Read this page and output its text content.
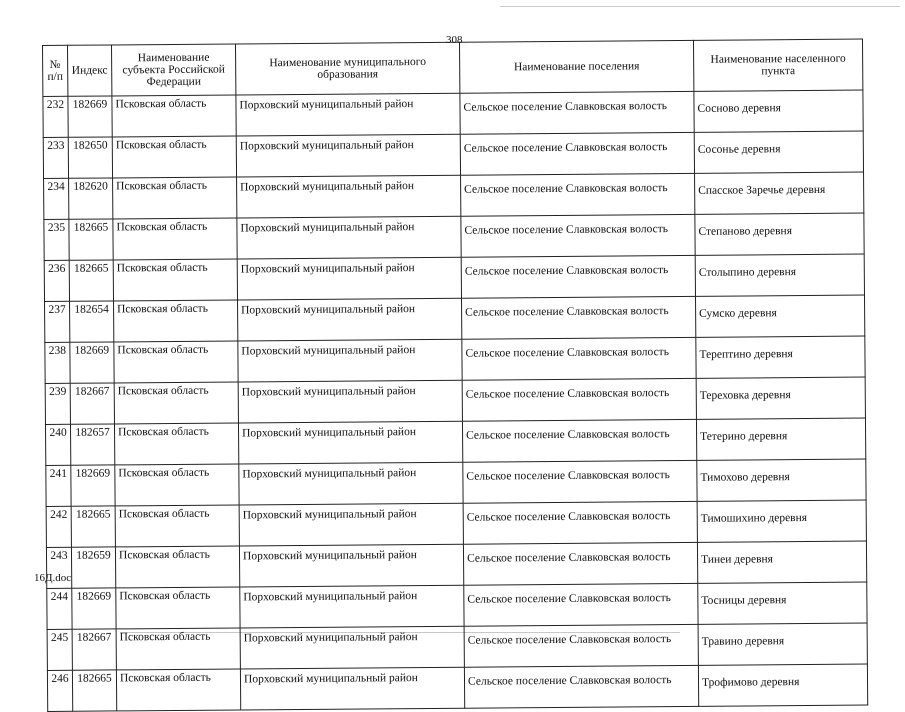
308
№ п/п	Индекс	Наименование субъекта Российской Федерации	Наименование муниципального образования	Наименование поселения	Наименование населенного пункта
232	182669	Псковская область	Порховский муниципальный район	Сельское поселение Славковская волость	Сосново деревня
233	182650	Псковская область	Порховский муниципальный район	Сельское поселение Славковская волость	Сосонье деревня
234	182620	Псковская область	Порховский муниципальный район	Сельское поселение Славковская волость	Спасское Заречье деревня
235	182665	Псковская область	Порховский муниципальный район	Сельское поселение Славковская волость	Степаново деревня
236	182665	Псковская область	Порховский муниципальный район	Сельское поселение Славковская волость	Столыпино деревня
237	182654	Псковская область	Порховский муниципальный район	Сельское поселение Славковская волость	Сумско деревня
238	182669	Псковская область	Порховский муниципальный район	Сельское поселение Славковская волость	Терептино деревня
239	182667	Псковская область	Порховский муниципальный район	Сельское поселение Славковская волость	Тереховка деревня
240	182657	Псковская область	Порховский муниципальный район	Сельское поселение Славковская волость	Тетерино деревня
241	182669	Псковская область	Порховский муниципальный район	Сельское поселение Славковская волость	Тимохово деревня
242	182665	Псковская область	Порховский муниципальный район	Сельское поселение Славковская волость	Тимошихино деревня
243	182659	Псковская область	Порховский муниципальный район	Сельское поселение Славковская волость	Тинеи деревня
244	182669	Псковская область	Порховский муниципальный район	Сельское поселение Славковская волость	Тосницы деревня
245	182667	Псковская область	Порховский муниципальный район	Сельское поселение Славковская волость	Травино деревня
246	182665	Псковская область	Порховский муниципальный район	Сельское поселение Славковская волость	Трофимово деревня
16Д.doc
